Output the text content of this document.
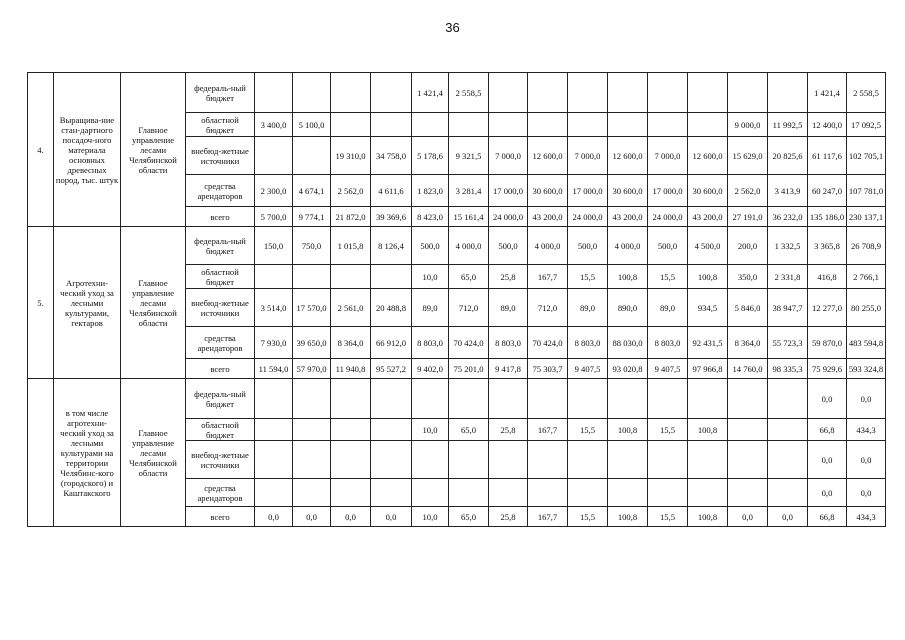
36
4.	Выращива-ние стан-дартного посадоч-ного материала основных древесных пород, тыс. штук	Главное управление лесами Челябинской области	федераль-ный бюджет					1 421,4	2 558,5									1 421,4	2 558,5
			областной бюджет	3 400,0	5 100,0											9 000,0	11 992,5	12 400,0	17 092,5
			внебюд-жетные источники			19 310,0	34 758,0	5 178,6	9 321,5	7 000,0	12 600,0	7 000,0	12 600,0	7 000,0	12 600,0	15 629,0	20 825,6	61 117,6	102 705,1
			средства арендаторов	2 300,0	4 674,1	2 562,0	4 611,6	1 823,0	3 281,4	17 000,0	30 600,0	17 000,0	30 600,0	17 000,0	30 600,0	2 562,0	3 413,9	60 247,0	107 781,0
			всего	5 700,0	9 774,1	21 872,0	39 369,6	8 423,0	15 161,4	24 000,0	43 200,0	24 000,0	43 200,0	24 000,0	43 200,0	27 191,0	36 232,0	135 186,0	230 137,1
5.	Агротехни-ческий уход за лесными культурами, гектаров	Главное управление лесами Челябинской области	федераль-ный бюджет	150,0	750,0	1 015,8	8 126,4	500,0	4 000,0	500,0	4 000,0	500,0	4 000,0	500,0	4 500,0	200,0	1 332,5	3 365,8	26 708,9
			областной бюджет					10,0	65,0	25,8	167,7	15,5	100,8	15,5	100,8	350,0	2 331,8	416,8	2 766,1
			внебюд-жетные источники	3 514,0	17 570,0	2 561,0	20 488,8	89,0	712,0	89,0	712,0	89,0	890,0	89,0	934,5	5 846,0	38 947,7	12 277,0	80 255,0
			средства арендаторов	7 930,0	39 650,0	8 364,0	66 912,0	8 803,0	70 424,0	8 803,0	70 424,0	8 803,0	88 030,0	8 803,0	92 431,5	8 364,0	55 723,3	59 870,0	483 594,8
			всего	11 594,0	57 970,0	11 940,8	95 527,2	9 402,0	75 201,0	9 417,8	75 303,7	9 407,5	93 020,8	9 407,5	97 966,8	14 760,0	98 335,3	75 929,6	593 324,8
	в том числе агротехни-ческий уход за лесными культурами на территории Челябинс-кого (городского) и Каштакского	Главное управление лесами Челябинской области	федераль-ный бюджет															0,0	0,0
			областной бюджет					10,0	65,0	25,8	167,7	15,5	100,8	15,5	100,8			66,8	434,3
			внебюд-жетные источники															0,0	0,0
			средства арендаторов															0,0	0,0
			всего	0,0	0,0	0,0	0,0	10,0	65,0	25,8	167,7	15,5	100,8	15,5	100,8	0,0	0,0	66,8	434,3
